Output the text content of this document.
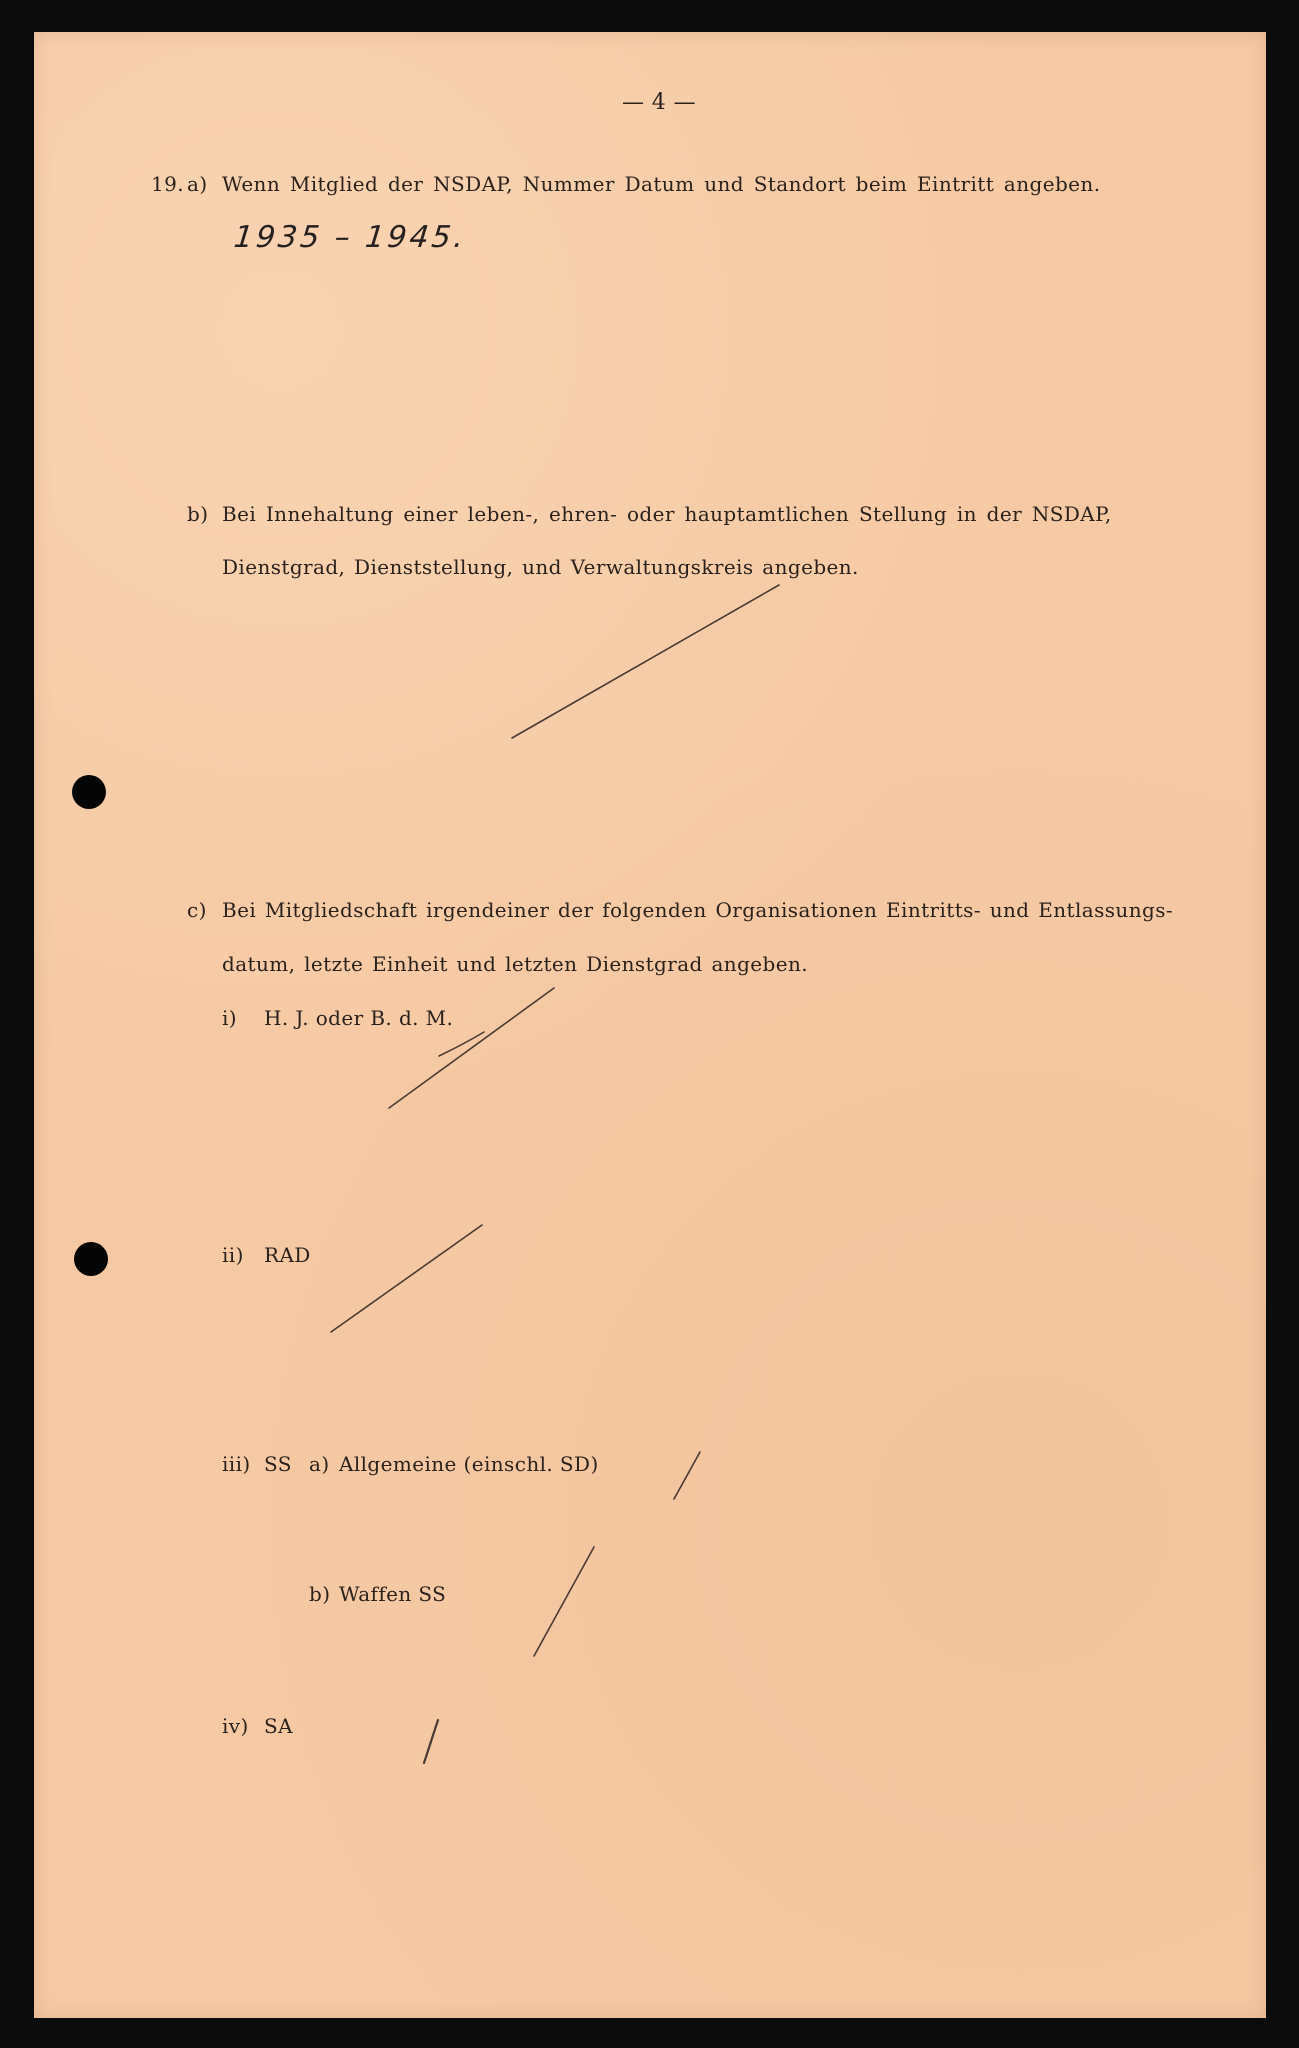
— 4 —
19. a) Wenn Mitglied der NSDAP, Nummer Datum und Standort beim Eintritt angeben.
1935 – 1945.
b) Bei Innehaltung einer leben-, ehren- oder hauptamtlichen Stellung in der NSDAP,
Dienstgrad, Dienststellung, und Verwaltungskreis angeben.
c) Bei Mitgliedschaft irgendeiner der folgenden Organisationen Eintritts- und Entlassungs-
datum, letzte Einheit und letzten Dienstgrad angeben.
i) H. J. oder B. d. M.
ii) RAD
iii) SS a) Allgemeine (einschl. SD)
b) Waffen SS
iv) SA
